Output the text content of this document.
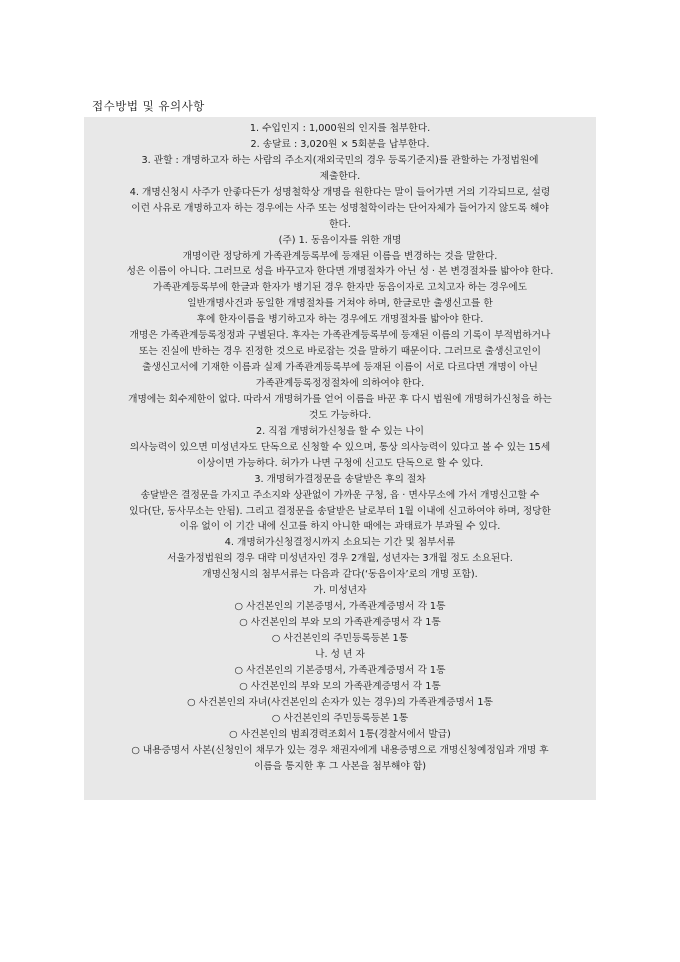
접수방법 및 유의사항
1. 수입인지 : 1,000원의 인지를 첩부한다.
2. 송달료 : 3,020원 × 5회분을 납부한다.
3. 관할 : 개명하고자 하는 사람의 주소지(재외국민의 경우 등록기준지)를 관할하는 가정법원에
제출한다.
4. 개명신청시 사주가 안좋다든가 성명철학상 개명을 원한다는 말이 들어가면 거의 기각되므로, 설령
이런 사유로 개명하고자 하는 경우에는 사주 또는 성명철학이라는 단어자체가 들어가지 않도록 해야
한다.
(주) 1. 동음이자를 위한 개명
개명이란 정당하게 가족관계등록부에 등재된 이름을 변경하는 것을 말한다.
성은 이름이 아니다. 그러므로 성을 바꾸고자 한다면 개명절차가 아닌 성 · 본 변경절차를 밟아야 한다.
가족관계등록부에 한글과 한자가 병기된 경우 한자만 동음이자로 고치고자 하는 경우에도
일반개명사건과 동일한 개명절차를 거쳐야 하며, 한글로만 출생신고를 한
후에 한자이름을 병기하고자 하는 경우에도 개명절차를 밟아야 한다.
개명은 가족관계등록정정과 구별된다. 후자는 가족관계등록부에 등재된 이름의 기록이 부적법하거나
또는 진실에 반하는 경우 진정한 것으로 바로잡는 것을 말하기 때문이다. 그러므로 출생신고인이
출생신고서에 기재한 이름과 실제 가족관계등록부에 등재된 이름이 서로 다르다면 개명이 아닌
가족관계등록정정절차에 의하여야 한다.
개명에는 회수제한이 없다. 따라서 개명허가를 얻어 이름을 바꾼 후 다시 법원에 개명허가신청을 하는
것도 가능하다.
2. 직접 개명허가신청을 할 수 있는 나이
의사능력이 있으면 미성년자도 단독으로 신청할 수 있으며, 통상 의사능력이 있다고 볼 수 있는 15세
이상이면 가능하다. 허가가 나면 구청에 신고도 단독으로 할 수 있다.
3. 개명허가결정문을 송달받은 후의 절차
송달받은 결정문을 가지고 주소지와 상관없이 가까운 구청, 읍 · 면사무소에 가서 개명신고할 수
있다(단, 동사무소는 안됨). 그리고 결정문을 송달받은 날로부터 1월 이내에 신고하여야 하며, 정당한
이유 없이 이 기간 내에 신고를 하지 아니한 때에는 과태료가 부과될 수 있다.
4. 개명허가신청결정시까지 소요되는 기간 및 첨부서류
서울가정법원의 경우 대략 미성년자인 경우 2개월, 성년자는 3개월 정도 소요된다.
개명신청시의 첨부서류는 다음과 같다(‘동음이자’로의 개명 포함).
가. 미성년자
○ 사건본인의 기본증명서, 가족관계증명서 각 1통
○ 사건본인의 부와 모의 가족관계증명서 각 1통
○ 사건본인의 주민등록등본 1통
나. 성 년 자
○ 사건본인의 기본증명서, 가족관계증명서 각 1통
○ 사건본인의 부와 모의 가족관계증명서 각 1통
○ 사건본인의 자녀(사건본인의 손자가 있는 경우)의 가족관계증명서 1통
○ 사건본인의 주민등록등본 1통
○ 사건본인의 범죄경력조회서 1통(경찰서에서 발급)
○ 내용증명서 사본(신청인이 채무가 있는 경우 채권자에게 내용증명으로 개명신청예정임과 개명 후
이름을 통지한 후 그 사본을 첨부해야 함)
